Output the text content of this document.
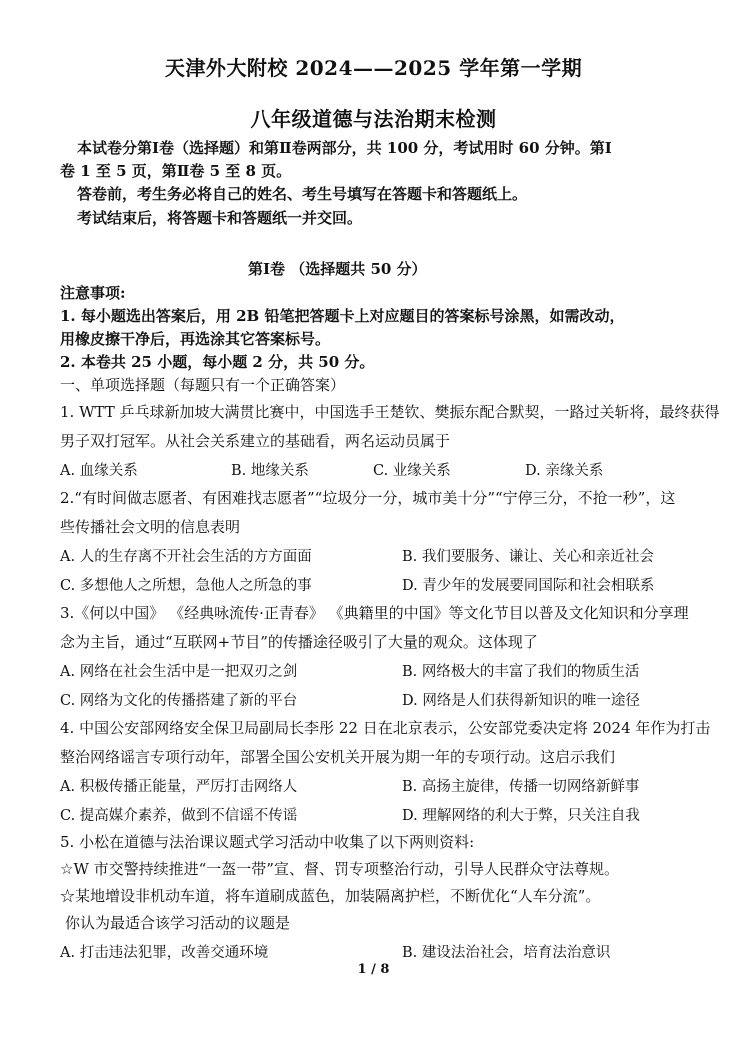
天津外大附校 2024——2025 学年第一学期
八年级道德与法治期末检测
本试卷分第Ⅰ卷（选择题）和第Ⅱ卷两部分，共 100 分，考试用时 60 分钟。第Ⅰ
卷 1 至 5 页，第Ⅱ卷 5 至 8 页。
答卷前，考生务必将自己的姓名、考生号填写在答题卡和答题纸上。
考试结束后，将答题卡和答题纸一并交回。
第Ⅰ卷 （选择题共 50 分）
注意事项:
1. 每小题选出答案后，用 2B 铅笔把答题卡上对应题目的答案标号涂黑，如需改动，
用橡皮擦干净后，再选涂其它答案标号。
2. 本卷共 25 小题，每小题 2 分，共 50 分。
一、单项选择题（每题只有一个正确答案）
1. WTT 乒乓球新加坡大满贯比赛中，中国选手王楚钦、樊振东配合默契，一路过关斩将，最终获得
男子双打冠军。从社会关系建立的基础看，两名运动员属于
A. 血缘关系	B. 地缘关系	C. 业缘关系	D. 亲缘关系
2.“有时间做志愿者、有困难找志愿者”“垃圾分一分，城市美十分”“宁停三分，不抢一秒”，这
些传播社会文明的信息表明
A. 人的生存离不开社会生活的方方面面	B. 我们要服务、谦让、关心和亲近社会
C. 多想他人之所想，急他人之所急的事	D. 青少年的发展要同国际和社会相联系
3.《何以中国》 《经典咏流传·正青春》 《典籍里的中国》等文化节目以普及文化知识和分享理
念为主旨，通过“互联网+节目”的传播途径吸引了大量的观众。这体现了
A. 网络在社会生活中是一把双刃之剑	B. 网络极大的丰富了我们的物质生活
C. 网络为文化的传播搭建了新的平台	D. 网络是人们获得新知识的唯一途径
4. 中国公安部网络安全保卫局副局长李彤 22 日在北京表示，公安部党委决定将 2024 年作为打击
整治网络谣言专项行动年，部署全国公安机关开展为期一年的专项行动。这启示我们
A. 积极传播正能量，严厉打击网络人	B. 高扬主旋律，传播一切网络新鲜事
C. 提高媒介素养，做到不信谣不传谣	D. 理解网络的利大于弊，只关注自我
5. 小松在道德与法治课议题式学习活动中收集了以下两则资料:
☆W 市交警持续推进“一盔一带”宣、督、罚专项整治行动，引导人民群众守法尊规。
☆某地增设非机动车道，将车道刷成蓝色，加装隔离护栏，不断优化“人车分流”。
你认为最适合该学习活动的议题是
A. 打击违法犯罪，改善交通环境	B. 建设法治社会，培育法治意识
1 / 8
